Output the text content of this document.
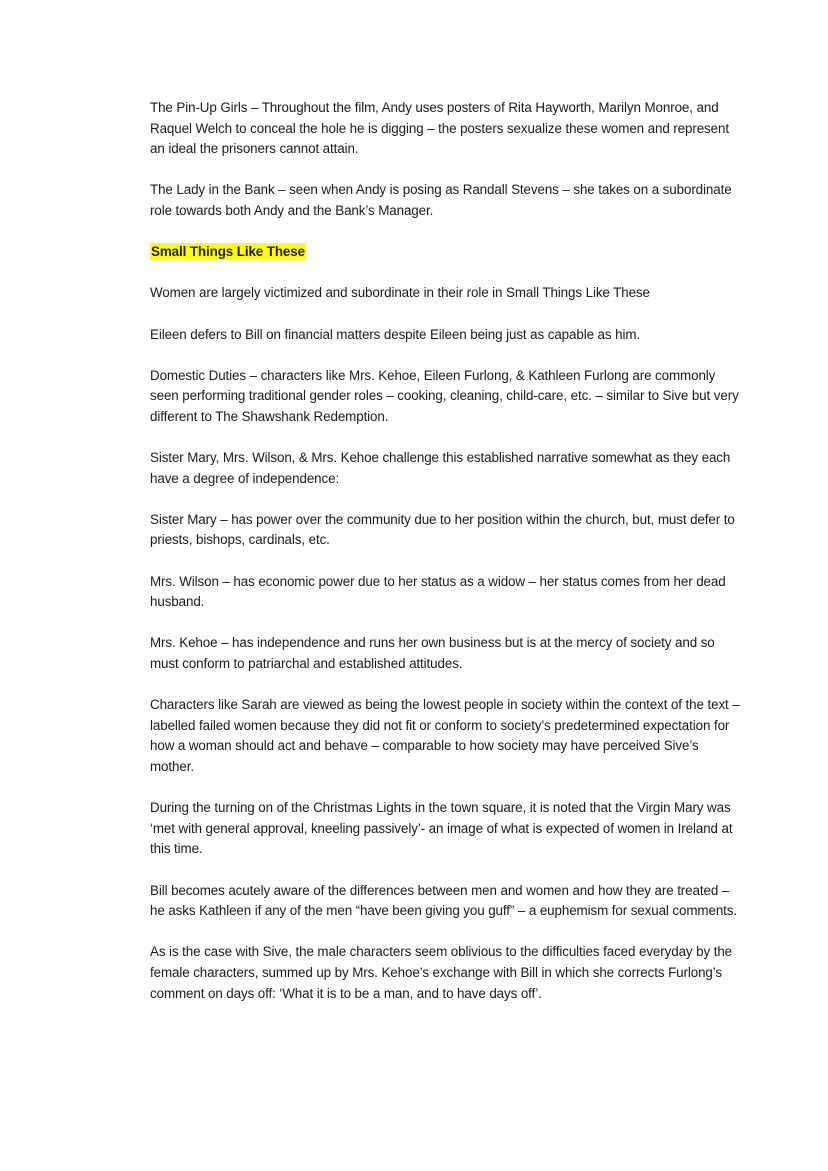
The Pin-Up Girls – Throughout the film, Andy uses posters of Rita Hayworth, Marilyn Monroe, and Raquel Welch to conceal the hole he is digging – the posters sexualize these women and represent an ideal the prisoners cannot attain.

The Lady in the Bank – seen when Andy is posing as Randall Stevens – she takes on a subordinate role towards both Andy and the Bank’s Manager.

Small Things Like These

Women are largely victimized and subordinate in their role in Small Things Like These

Eileen defers to Bill on financial matters despite Eileen being just as capable as him.

Domestic Duties – characters like Mrs. Kehoe, Eileen Furlong, & Kathleen Furlong are commonly seen performing traditional gender roles – cooking, cleaning, child-care, etc. – similar to Sive but very different to The Shawshank Redemption.

Sister Mary, Mrs. Wilson, & Mrs. Kehoe challenge this established narrative somewhat as they each have a degree of independence:

Sister Mary – has power over the community due to her position within the church, but, must defer to priests, bishops, cardinals, etc.

Mrs. Wilson – has economic power due to her status as a widow – her status comes from her dead husband.

Mrs. Kehoe – has independence and runs her own business but is at the mercy of society and so must conform to patriarchal and established attitudes.

Characters like Sarah are viewed as being the lowest people in society within the context of the text – labelled failed women because they did not fit or conform to society’s predetermined expectation for how a woman should act and behave – comparable to how society may have perceived Sive’s mother.

During the turning on of the Christmas Lights in the town square, it is noted that the Virgin Mary was ‘met with general approval, kneeling passively’- an image of what is expected of women in Ireland at this time.

Bill becomes acutely aware of the differences between men and women and how they are treated – he asks Kathleen if any of the men “have been giving you guff” – a euphemism for sexual comments.

As is the case with Sive, the male characters seem oblivious to the difficulties faced everyday by the female characters, summed up by Mrs. Kehoe’s exchange with Bill in which she corrects Furlong’s comment on days off: ‘What it is to be a man, and to have days off’.
